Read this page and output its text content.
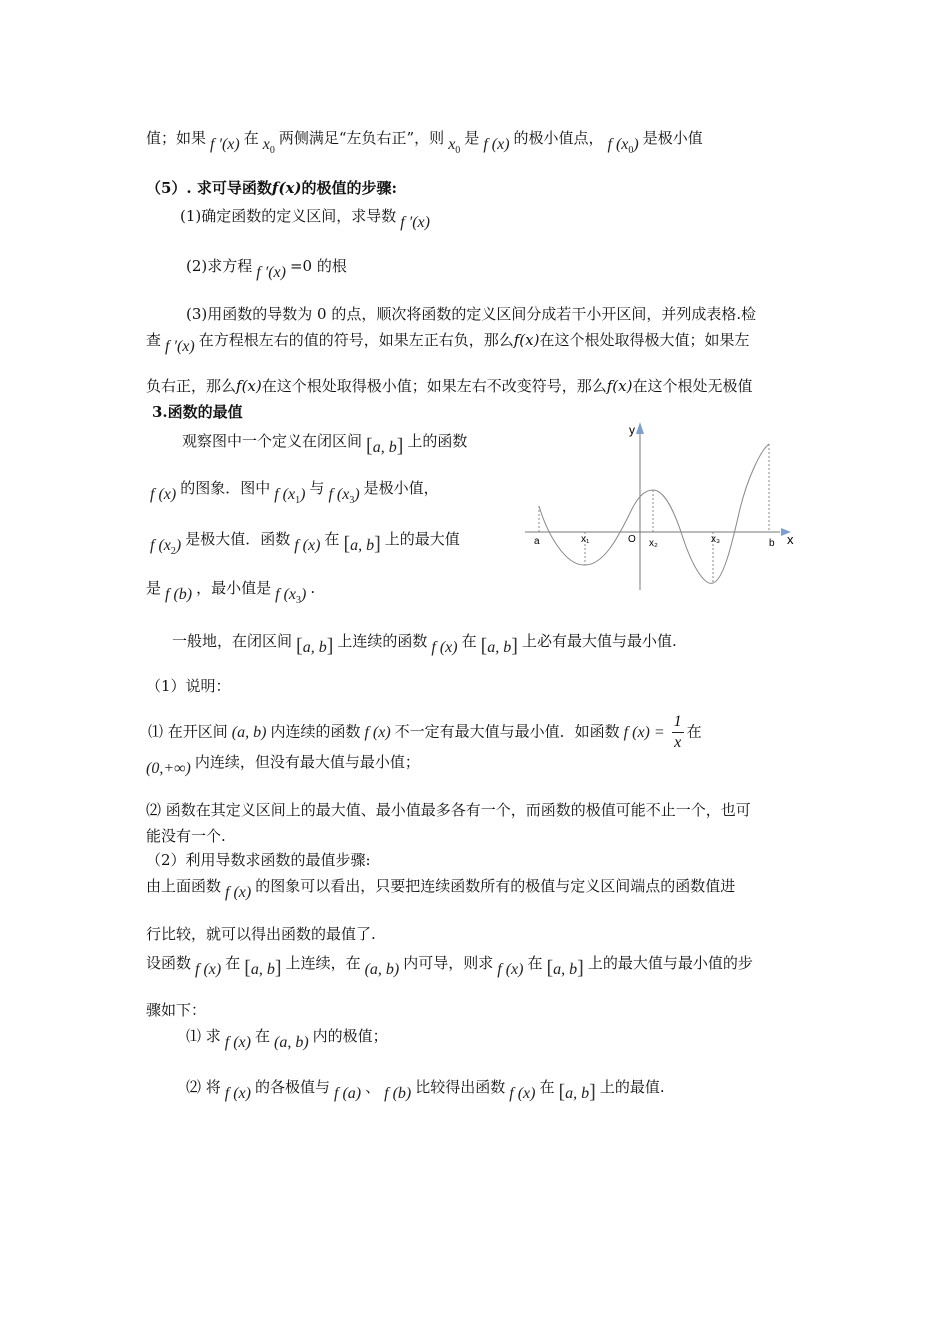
值；如果 f ′(x) 在 $x_0$两侧满足“左负右正”，则 $x_0$是 f (x) 的极小值点， f $(x_0)$ 是极小值
（5）. 求可导函数f(x)的极值的步骤:
(1)确定函数的定义区间，求导数 f ′(x)
(2)求方程 f ′(x) =0 的根
(3)用函数的导数为 0 的点，顺次将函数的定义区间分成若干小开区间，并列成表格.检
查 f ′(x) 在方程根左右的值的符号，如果左正右负，那么f(x)在这个根处取得极大值；如果左
负右正，那么f(x)在这个根处取得极小值；如果左右不改变符号，那么f(x)在这个根处无极值
3.函数的最值
观察图中一个定义在闭区间 [a, b] 上的函数
f (x) 的图象．图中 f $(x_1)$ 与 f $(x_3)$ 是极小值，
f $(x_2)$ 是极大值．函数 f (x) 在 [a, b] 上的最大值
是 f (b) ，最小值是 f $(x_3)$ .
y
a	x₁	O x₂	x₃	b x
一般地，在闭区间 [a, b] 上连续的函数 f (x) 在 [a, b] 上必有最大值与最小值.
（1）说明：
⑴ 在开区间 (a, b) 内连续的函数 f (x) 不一定有最大值与最小值．如函数 f $(x) = \frac{1}{x}$ 在
(0,+∞) 内连续，但没有最大值与最小值；
⑵ 函数在其定义区间上的最大值、最小值最多各有一个，而函数的极值可能不止一个，也可
能没有一个.
（2）利用导数求函数的最值步骤:
由上面函数 f (x) 的图象可以看出，只要把连续函数所有的极值与定义区间端点的函数值进
行比较，就可以得出函数的最值了.
设函数 f (x) 在 [a, b] 上连续，在 (a, b) 内可导，则求 f (x) 在 [a, b] 上的最大值与最小值的步
骤如下：
⑴ 求 f (x) 在 (a, b) 内的极值；
⑵ 将 f (x) 的各极值与 f (a) 、 f (b) 比较得出函数 f (x) 在 [a, b] 上的最值.
